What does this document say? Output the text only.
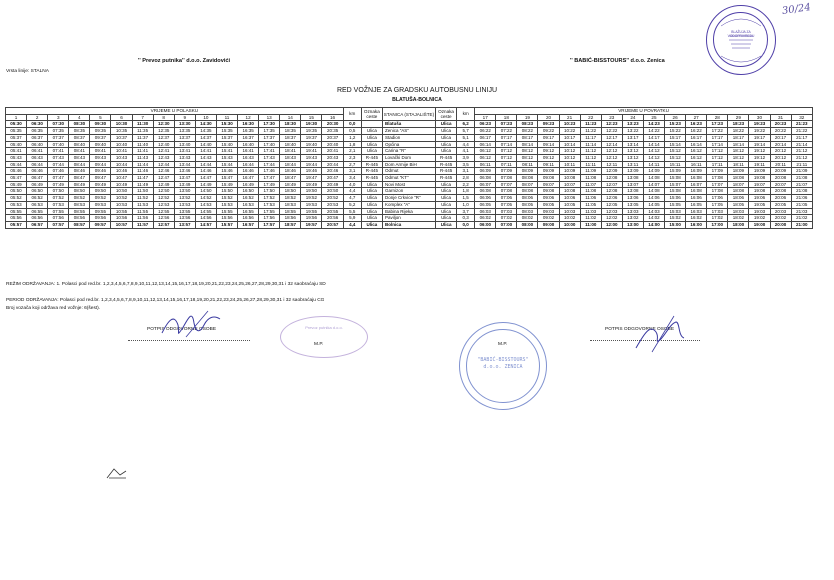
Vrsta linije: STALNA
'' Prevoz putnika'' d.o.o. Zavidovići	'' BABIĆ-BISSTOURS'' d.o.o. Zenica
RED VOŽNJE ZA GRADSKU AUTOBUSNU LINIJU
BLATUŠA-BOLNICA
30/24
BLAŽUJA ZA VODOPRIVREDU
VRIJEME U POLASKU																km	Oznaka ceste	STANICA (STAJALIŠTE)	Oznaka ceste	km	VRIJEME U POVRATKU															
1	2	3	4	5	6	7	8	9	10	11	12	13	14	15	16						17	18	19	20	21	22	23	24	25	26	27	28	29	30	31	32
05:30	06:30	07:30	08:30	09:30	10:30	11:30	12:30	13:30	14:30	15:30	16:30	17:30	18:30	19:30	20:30	0,0		Blatuša	Ulica	6,2	06:23	07:23	08:23	09:23	10:23	11:23	12:23	13:23	14:23	15:23	16:23	17:23	18:23	19:23	20:23	21:23
05:35	06:35	07:35	08:35	09:35	10:35	11:35	12:35	13:35	14:35	15:35	16:35	17:35	18:35	19:35	20:35	0,5	Ulica	Zenica "AS"	Ulica	5,7	06:22	07:22	08:22	09:22	10:22	11:22	12:22	13:22	14:22	15:22	16:22	17:22	18:22	19:22	20:22	21:22
05:37	06:37	07:37	08:37	09:37	10:37	11:37	12:37	13:37	14:37	15:37	16:37	17:37	18:37	19:37	20:37	1,2	Ulica	Stadion	Ulica	5,1	06:17	07:17	08:17	09:17	10:17	11:17	12:17	13:17	14:17	15:17	16:17	17:17	18:17	19:17	20:17	21:17
05:40	06:40	07:40	08:40	09:40	10:40	11:40	12:40	13:40	14:40	15:40	16:40	17:40	18:40	19:40	20:40	1,8	Ulica	Općina	Ulica	4,4	06:14	07:14	08:14	09:14	10:14	11:14	12:14	13:14	14:14	15:14	16:14	17:14	18:14	19:14	20:14	21:14
05:41	06:41	07:41	08:41	09:41	10:41	11:41	12:41	13:41	14:41	15:41	16:41	17:41	18:41	19:41	20:41	2,1	Ulica	Carina "R"	Ulica	4,1	06:12	07:12	08:12	09:12	10:12	11:12	12:12	13:12	14:12	15:12	16:12	17:12	18:12	19:12	20:12	21:12
05:43	06:43	07:43	08:43	09:43	10:43	11:43	12:43	13:43	14:43	15:43	16:43	17:43	18:43	19:43	20:43	2,3	R-445	Lovački Dom	R-445	3,9	06:12	07:12	08:12	09:12	10:12	11:12	12:12	13:12	14:12	15:12	16:12	17:12	18:12	19:12	20:12	21:12
05:44	06:44	07:44	08:44	09:44	10:44	11:44	12:44	13:44	14:44	15:44	16:44	17:44	18:44	19:44	20:44	2,7	R-445	Dom Armije BiH	R-445	3,5	06:11	07:11	08:11	09:11	10:11	11:11	12:11	13:11	14:11	15:11	16:11	17:11	18:11	19:11	20:11	21:11
05:46	06:46	07:46	08:46	09:46	10:46	11:46	12:46	13:46	14:46	15:46	16:46	17:46	18:46	19:46	20:46	3,1	R-445	Odmut	R-445	3,1	06:09	07:09	08:09	09:09	10:09	11:09	12:09	13:09	14:09	15:09	16:09	17:09	18:09	19:09	20:09	21:09
05:47	06:47	07:47	08:47	09:47	10:47	11:47	12:47	13:47	14:47	15:47	16:47	17:47	18:47	19:47	20:47	3,4	R-445	Odmut "KT"	R-445	2,8	06:08	07:08	08:08	09:08	10:08	11:08	12:08	13:08	14:08	15:08	16:08	17:08	18:08	19:08	20:08	21:08
05:49	06:49	07:49	08:49	09:49	10:49	11:49	12:49	13:49	14:49	15:49	16:49	17:49	18:49	19:49	20:49	4,0	Ulica	Novi Most	Ulica	2,2	06:07	07:07	08:07	09:07	10:07	11:07	12:07	13:07	14:07	15:07	16:07	17:07	18:07	19:07	20:07	21:07
05:50	06:50	07:50	08:50	09:50	10:50	11:50	12:50	13:50	14:50	15:50	16:50	17:50	18:50	19:50	20:50	4,4	Ulica	Garnizon	Ulica	1,8	06:08	07:08	08:08	09:08	10:08	11:08	12:08	13:08	14:08	15:08	16:08	17:08	18:08	19:08	20:08	21:08
05:52	06:52	07:52	08:52	09:52	10:52	11:52	12:52	13:52	14:52	15:52	16:52	17:52	18:52	19:52	20:52	4,7	Ulica	Donje Crkvice "R"	Ulica	1,5	06:06	07:06	08:06	09:06	10:06	11:06	12:06	13:06	14:06	15:06	16:06	17:06	18:06	19:06	20:06	21:06
05:53	06:53	07:53	08:53	09:53	10:53	11:53	12:53	13:53	14:53	15:53	16:53	17:53	18:53	19:53	20:53	5,2	Ulica	Komplex "A"	Ulica	1,0	06:05	07:05	08:05	09:05	10:05	11:05	12:05	13:05	14:05	15:05	16:05	17:05	18:05	19:05	20:05	21:05
05:55	06:55	07:55	08:55	09:55	10:55	11:55	12:55	13:55	14:55	15:55	16:55	17:55	18:55	19:55	20:55	5,5	Ulica	Babina Rijeka	Ulica	3,7	06:03	07:03	08:03	09:03	10:03	11:03	12:03	13:03	14:03	15:03	16:03	17:03	18:03	19:03	20:03	21:03
05:56	06:56	07:56	08:56	09:56	10:56	11:56	12:56	13:56	14:56	15:56	16:56	17:56	18:56	19:56	20:56	5,9	Ulica	Paviljon	Ulica	0,3	06:02	07:02	08:02	09:02	10:02	11:02	12:02	13:02	14:02	15:02	16:02	17:02	18:02	19:02	20:02	21:02
05:57	06:57	07:57	08:57	09:57	10:57	11:57	12:57	13:57	14:57	15:57	16:57	17:57	18:57	19:57	20:57	4,4	Ulica	Bolnica	Ulica	0,0	06:00	07:00	08:00	09:00	10:00	11:00	12:00	13:00	14:00	15:00	16:00	17:00	18:00	19:00	20:00	21:00
REŽIM ODRŽAVANJA: 1. Polasci pod red.br. 1,2,3,4,5,6,7,8,9,10,11,12,13,14,15,16,17,18,19,20,21,22,23,24,25,26,27,28,29,30,31 i 32 saobraćaju SD
PERIOD ODRŽAVANJA: Polasci pod red.br. 1,2,3,4,5,6,7,8,9,10,11,12,13,14,15,16,17,18,19,20,21,22,23,24,25,26,27,28,29,30,31 i 32 saobraćaju CG
Broj vozača koji održava red vožnje: 6(šest).
POTPIS ODGOVORNE OSOBE
M.P.
Prevoz putnika d.o.o.
M.P.
"BABIĆ-BISSTOURS" d.o.o. ZENICA
POTPIS ODGOVORNE OSOBE
